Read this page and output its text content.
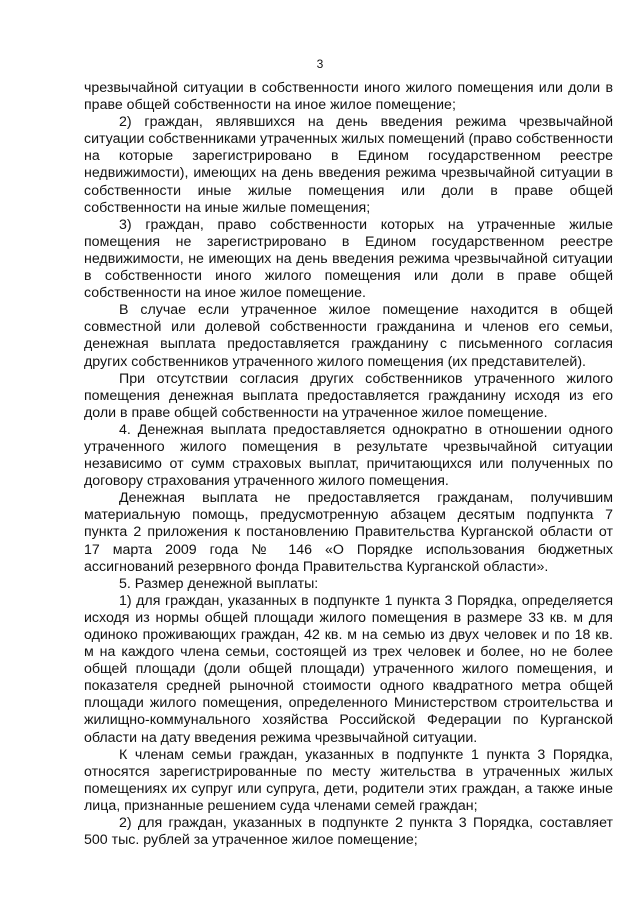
3

чрезвычайной ситуации в собственности иного жилого помещения или доли в праве общей собственности на иное жилое помещение;

2) граждан, являвшихся на день введения режима чрезвычайной ситуации собственниками утраченных жилых помещений (право собственности на которые зарегистрировано в Едином государственном реестре недвижимости), имеющих на день введения режима чрезвычайной ситуации в собственности иные жилые помещения или доли в праве общей собственности на иные жилые помещения;

3) граждан, право собственности которых на утраченные жилые помещения не зарегистрировано в Едином государственном реестре недвижимости, не имеющих на день введения режима чрезвычайной ситуации в собственности иного жилого помещения или доли в праве общей собственности на иное жилое помещение.

В случае если утраченное жилое помещение находится в общей совместной или долевой собственности гражданина и членов его семьи, денежная выплата предоставляется гражданину с письменного согласия других собственников утраченного жилого помещения (их представителей).

При отсутствии согласия других собственников утраченного жилого помещения денежная выплата предоставляется гражданину исходя из его доли в праве общей собственности на утраченное жилое помещение.

4. Денежная выплата предоставляется однократно в отношении одного утраченного жилого помещения в результате чрезвычайной ситуации независимо от сумм страховых выплат, причитающихся или полученных по договору страхования утраченного жилого помещения.

Денежная выплата не предоставляется гражданам, получившим материальную помощь, предусмотренную абзацем десятым подпункта 7 пункта 2 приложения к постановлению Правительства Курганской области от 17 марта 2009 года № 146 «О Порядке использования бюджетных ассигнований резервного фонда Правительства Курганской области».

5. Размер денежной выплаты:

1) для граждан, указанных в подпункте 1 пункта 3 Порядка, определяется исходя из нормы общей площади жилого помещения в размере 33 кв. м для одиноко проживающих граждан, 42 кв. м на семью из двух человек и по 18 кв. м на каждого члена семьи, состоящей из трех человек и более, но не более общей площади (доли общей площади) утраченного жилого помещения, и показателя средней рыночной стоимости одного квадратного метра общей площади жилого помещения, определенного Министерством строительства и жилищно-коммунального хозяйства Российской Федерации по Курганской области на дату введения режима чрезвычайной ситуации.

К членам семьи граждан, указанных в подпункте 1 пункта 3 Порядка, относятся зарегистрированные по месту жительства в утраченных жилых помещениях их супруг или супруга, дети, родители этих граждан, а также иные лица, признанные решением суда членами семей граждан;

2) для граждан, указанных в подпункте 2 пункта 3 Порядка, составляет 500 тыс. рублей за утраченное жилое помещение;
